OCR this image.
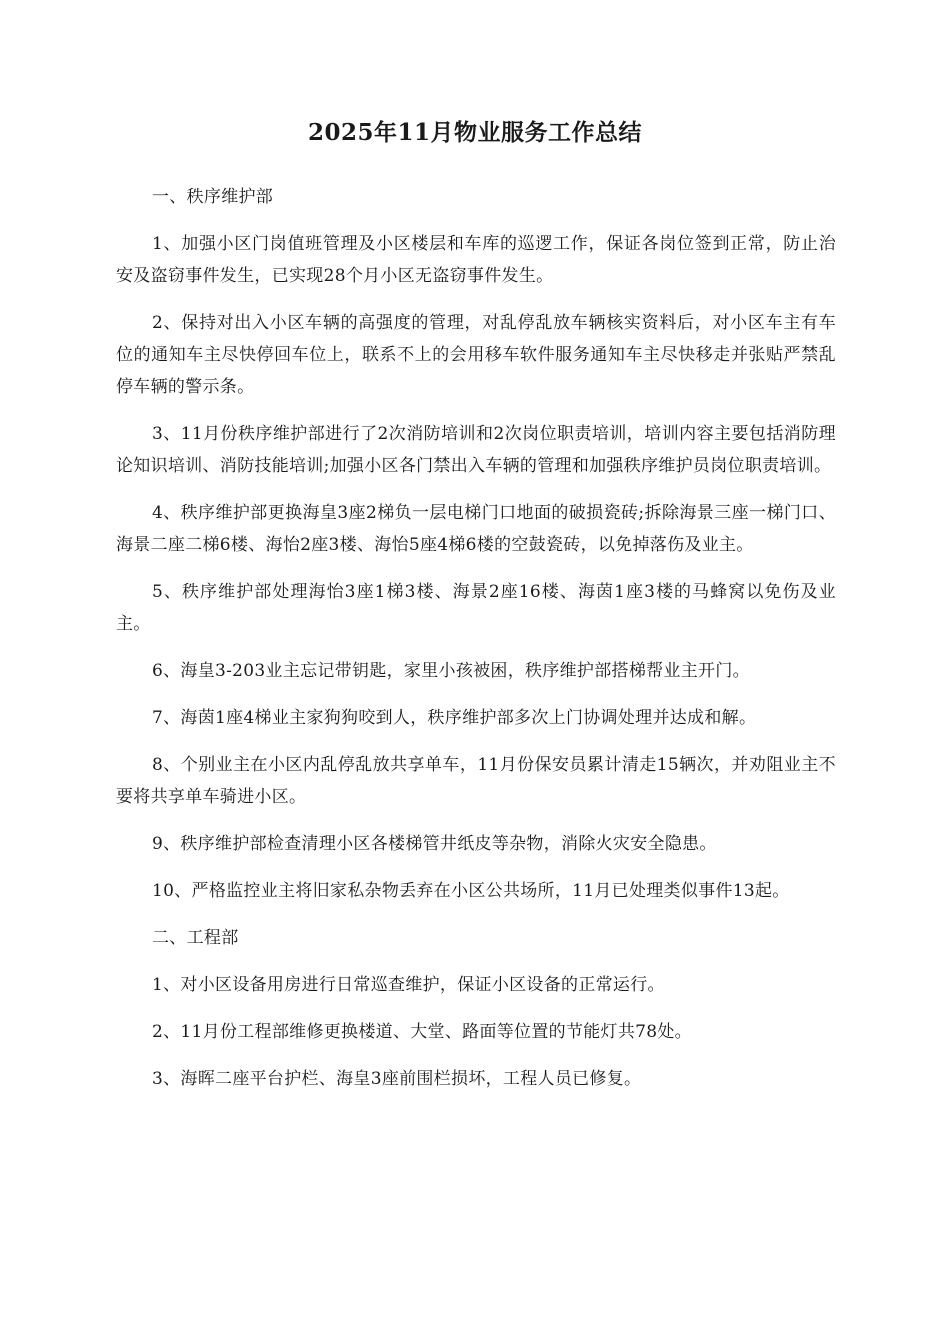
2025年11月物业服务工作总结

一、秩序维护部

1、加强小区门岗值班管理及小区楼层和车库的巡逻工作，保证各岗位签到正常，防止治安及盗窃事件发生，已实现28个月小区无盗窃事件发生。

2、保持对出入小区车辆的高强度的管理，对乱停乱放车辆核实资料后，对小区车主有车位的通知车主尽快停回车位上，联系不上的会用移车软件服务通知车主尽快移走并张贴严禁乱停车辆的警示条。

3、11月份秩序维护部进行了2次消防培训和2次岗位职责培训，培训内容主要包括消防理论知识培训、消防技能培训;加强小区各门禁出入车辆的管理和加强秩序维护员岗位职责培训。

4、秩序维护部更换海皇3座2梯负一层电梯门口地面的破损瓷砖;拆除海景三座一梯门口、海景二座二梯6楼、海怡2座3楼、海怡5座4梯6楼的空鼓瓷砖，以免掉落伤及业主。

5、秩序维护部处理海怡3座1梯3楼、海景2座16楼、海茵1座3楼的马蜂窝以免伤及业主。

6、海皇3-203业主忘记带钥匙，家里小孩被困，秩序维护部搭梯帮业主开门。

7、海茵1座4梯业主家狗狗咬到人，秩序维护部多次上门协调处理并达成和解。

8、个别业主在小区内乱停乱放共享单车，11月份保安员累计清走15辆次，并劝阻业主不要将共享单车骑进小区。

9、秩序维护部检查清理小区各楼梯管井纸皮等杂物，消除火灾安全隐患。

10、严格监控业主将旧家私杂物丢弃在小区公共场所，11月已处理类似事件13起。

二、工程部

1、对小区设备用房进行日常巡查维护，保证小区设备的正常运行。

2、11月份工程部维修更换楼道、大堂、路面等位置的节能灯共78处。

3、海晖二座平台护栏、海皇3座前围栏损坏，工程人员已修复。
